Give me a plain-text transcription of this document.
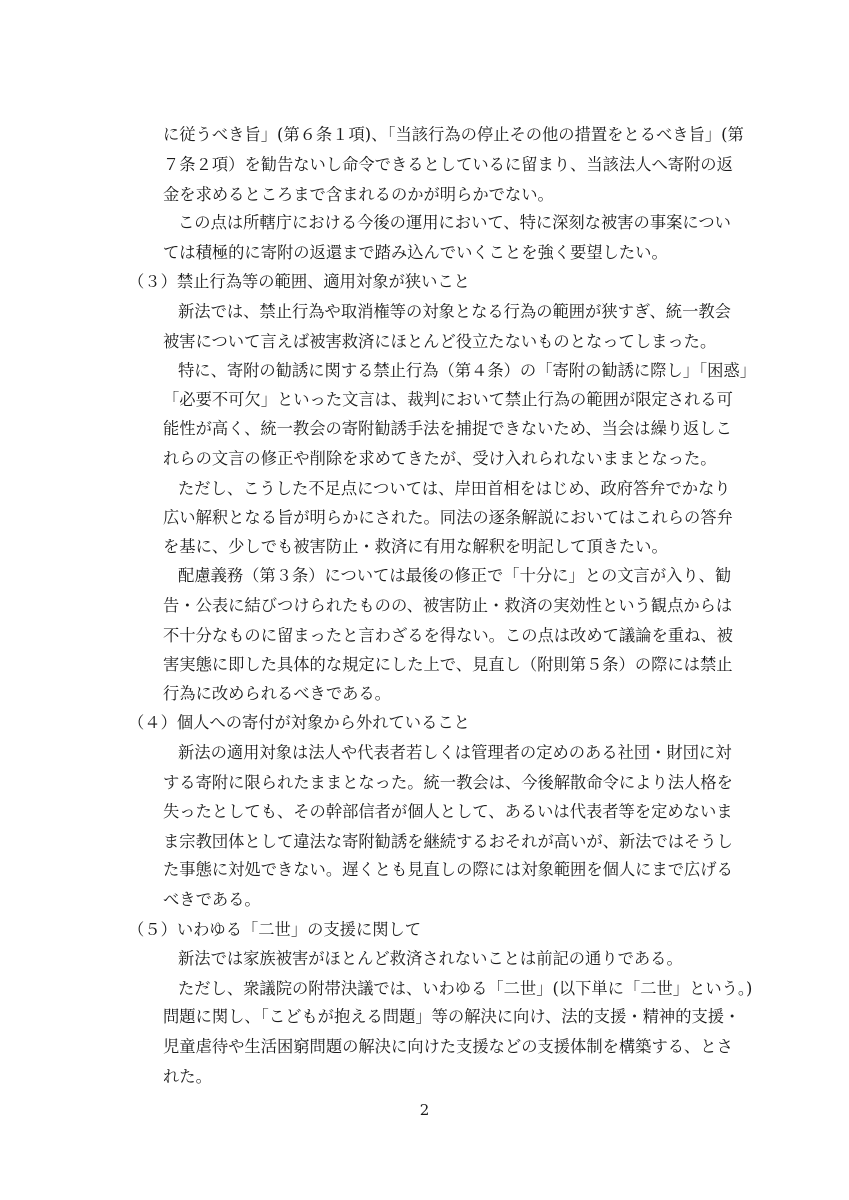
に従うべき旨」(第６条１項)、「当該行為の停止その他の措置をとるべき旨」(第
７条２項）を勧告ないし命令できるとしているに留まり、当該法人へ寄附の返
金を求めるところまで含まれるのかが明らかでない。
この点は所轄庁における今後の運用において、特に深刻な被害の事案につい
ては積極的に寄附の返還まで踏み込んでいくことを強く要望したい。
（３）禁止行為等の範囲、適用対象が狭いこと
新法では、禁止行為や取消権等の対象となる行為の範囲が狭すぎ、統一教会
被害について言えば被害救済にほとんど役立たないものとなってしまった。
特に、寄附の勧誘に関する禁止行為（第４条）の「寄附の勧誘に際し」「困惑」
「必要不可欠」といった文言は、裁判において禁止行為の範囲が限定される可
能性が高く、統一教会の寄附勧誘手法を捕捉できないため、当会は繰り返しこ
れらの文言の修正や削除を求めてきたが、受け入れられないままとなった。
ただし、こうした不足点については、岸田首相をはじめ、政府答弁でかなり
広い解釈となる旨が明らかにされた。同法の逐条解説においてはこれらの答弁
を基に、少しでも被害防止・救済に有用な解釈を明記して頂きたい。
配慮義務（第３条）については最後の修正で「十分に」との文言が入り、勧
告・公表に結びつけられたものの、被害防止・救済の実効性という観点からは
不十分なものに留まったと言わざるを得ない。この点は改めて議論を重ね、被
害実態に即した具体的な規定にした上で、見直し（附則第５条）の際には禁止
行為に改められるべきである。
（４）個人への寄付が対象から外れていること
新法の適用対象は法人や代表者若しくは管理者の定めのある社団・財団に対
する寄附に限られたままとなった。統一教会は、今後解散命令により法人格を
失ったとしても、その幹部信者が個人として、あるいは代表者等を定めないま
ま宗教団体として違法な寄附勧誘を継続するおそれが高いが、新法ではそうし
た事態に対処できない。遅くとも見直しの際には対象範囲を個人にまで広げる
べきである。
（５）いわゆる「二世」の支援に関して
新法では家族被害がほとんど救済されないことは前記の通りである。
ただし、衆議院の附帯決議では、いわゆる「二世」(以下単に「二世」という。)
問題に関し、「こどもが抱える問題」等の解決に向け、法的支援・精神的支援・
児童虐待や生活困窮問題の解決に向けた支援などの支援体制を構築する、とさ
れた。
2
